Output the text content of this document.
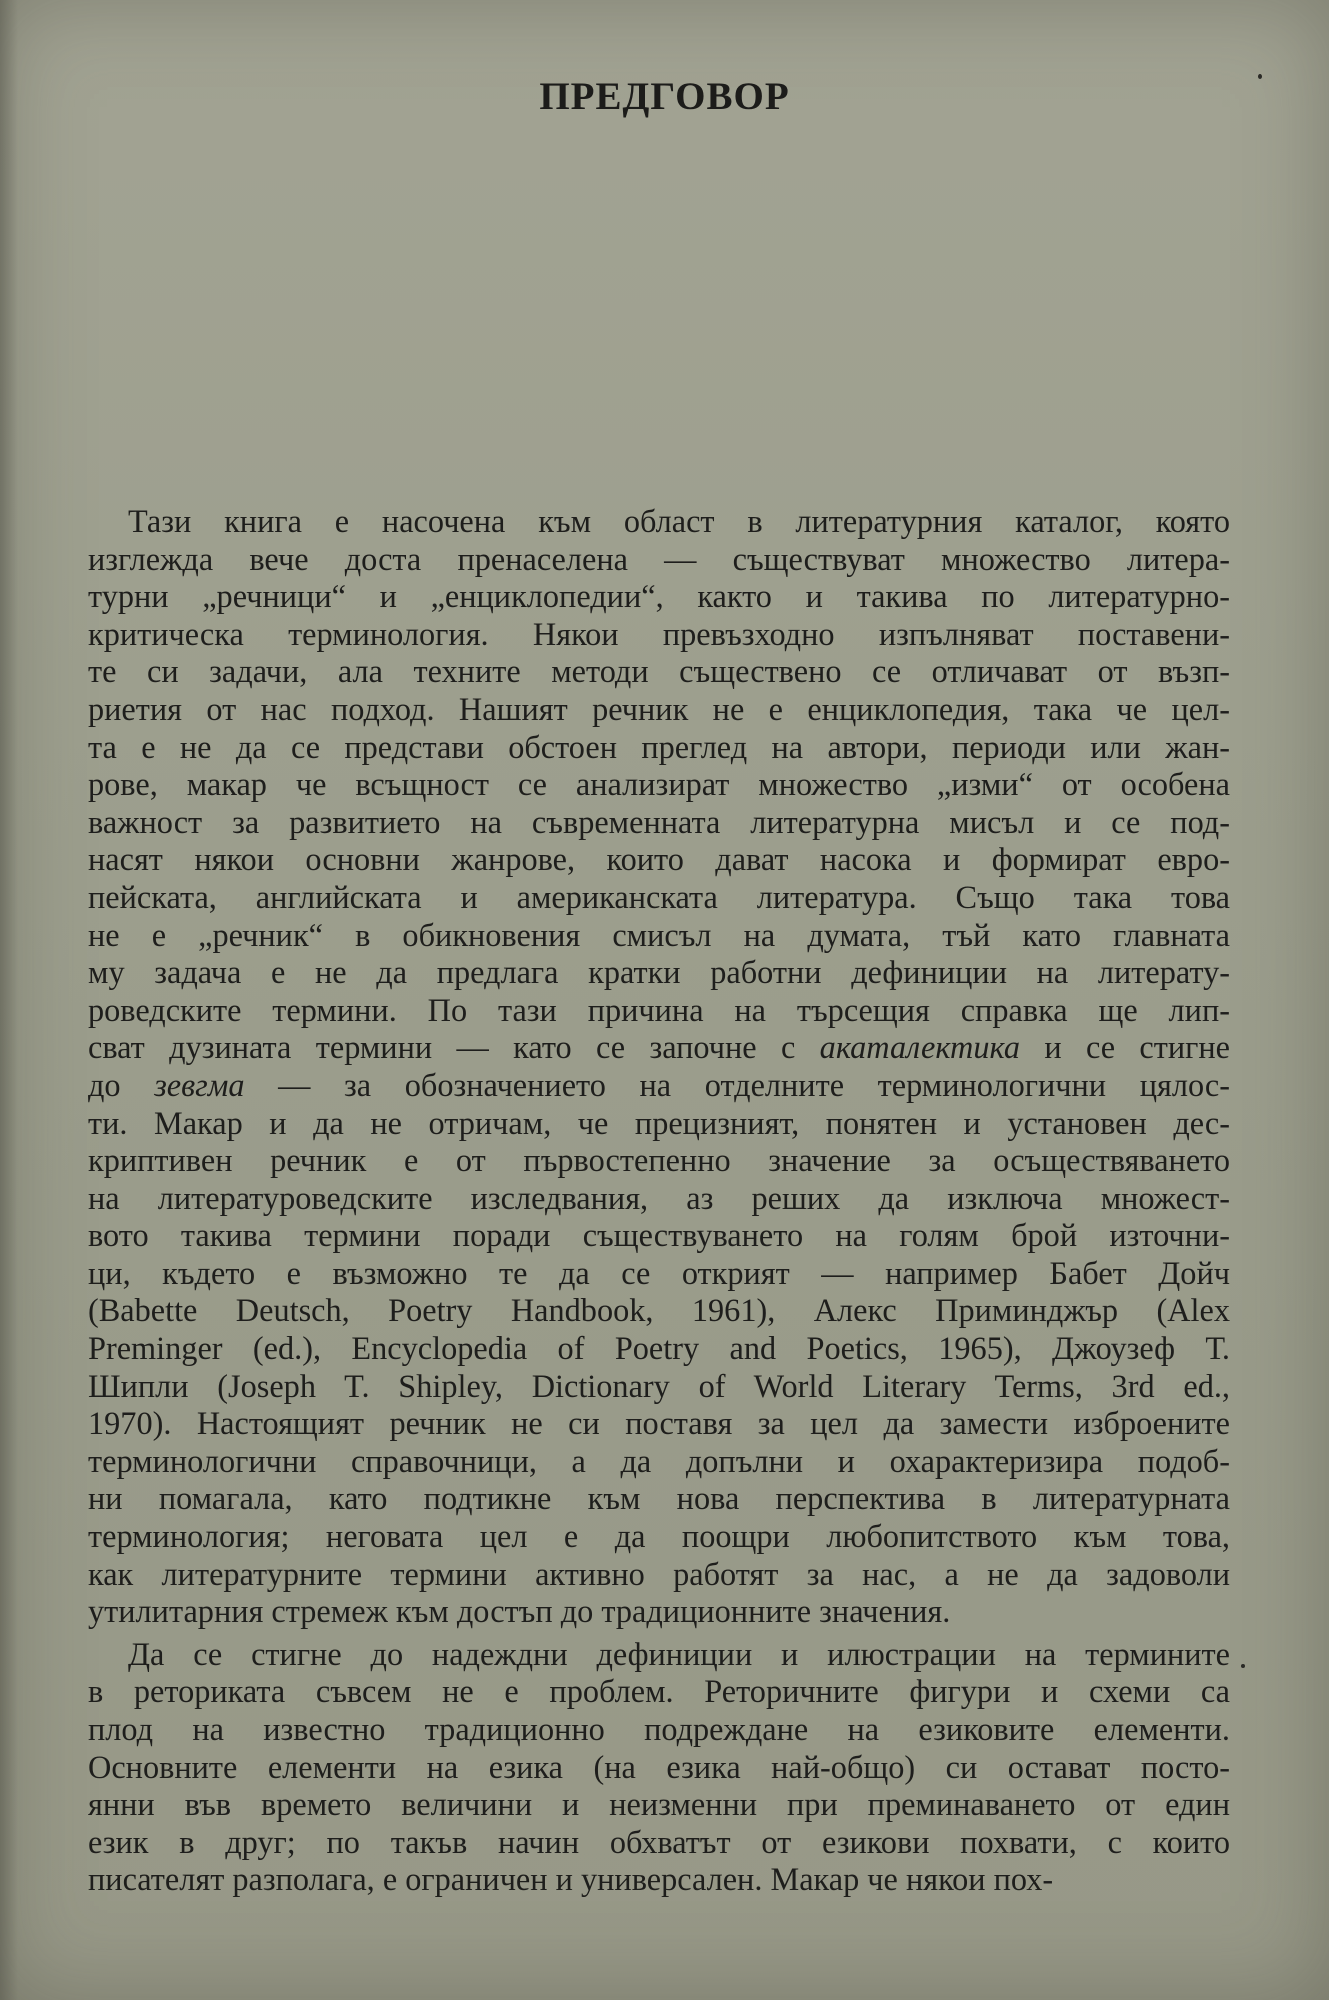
ПРЕДГОВОР
Тази книга е насочена към област в литературния каталог, която
изглежда вече доста пренаселена — съществуват множество литера-
турни „речници“ и „енциклопедии“, както и такива по литературно-
критическа терминология. Някои превъзходно изпълняват поставени-
те си задачи, ала техните методи съществено се отличават от възп-
риетия от нас подход. Нашият речник не е енциклопедия, така че цел-
та е не да се представи обстоен преглед на автори, периоди или жан-
рове, макар че всъщност се анализират множество „изми“ от особена
важност за развитието на съвременната литературна мисъл и се под-
насят някои основни жанрове, които дават насока и формират евро-
пейската, английската и американската литература. Също така това
не е „речник“ в обикновения смисъл на думата, тъй като главната
му задача е не да предлага кратки работни дефиниции на литерату-
роведските термини. По тази причина на търсещия справка ще лип-
сват дузината термини — като се започне с акаталектика и се стигне
до зевгма — за обозначението на отделните терминологични цялос-
ти. Макар и да не отричам, че прецизният, понятен и установен дес-
криптивен речник е от първостепенно значение за осъществяването
на литературоведските изследвания, аз реших да изключа множест-
вото такива термини поради съществуването на голям брой източни-
ци, където е възможно те да се открият — например Бабет Дойч
(Babette Deutsch, Poetry Handbook, 1961), Алекс Приминджър (Alex
Preminger (ed.), Encyclopedia of Poetry and Poetics, 1965), Джоузеф Т.
Шипли (Joseph T. Shipley, Dictionary of World Literary Terms, 3rd ed.,
1970). Настоящият речник не си поставя за цел да замести изброените
терминологични справочници, а да допълни и охарактеризира подоб-
ни помагала, като подтикне към нова перспектива в литературната
терминология; неговата цел е да поощри любопитството към това,
как литературните термини активно работят за нас, а не да задоволи
утилитарния стремеж към достъп до традиционните значения.
Да се стигне до надеждни дефиниции и илюстрации на термините
в реториката съвсем не е проблем. Реторичните фигури и схеми са
плод на известно традиционно подреждане на езиковите елементи.
Основните елементи на езика (на езика най-общо) си остават посто-
янни във времето величини и неизменни при преминаването от един
език в друг; по такъв начин обхватът от езикови похвати, с които
писателят разполага, е ограничен и универсален. Макар че някои пох-
